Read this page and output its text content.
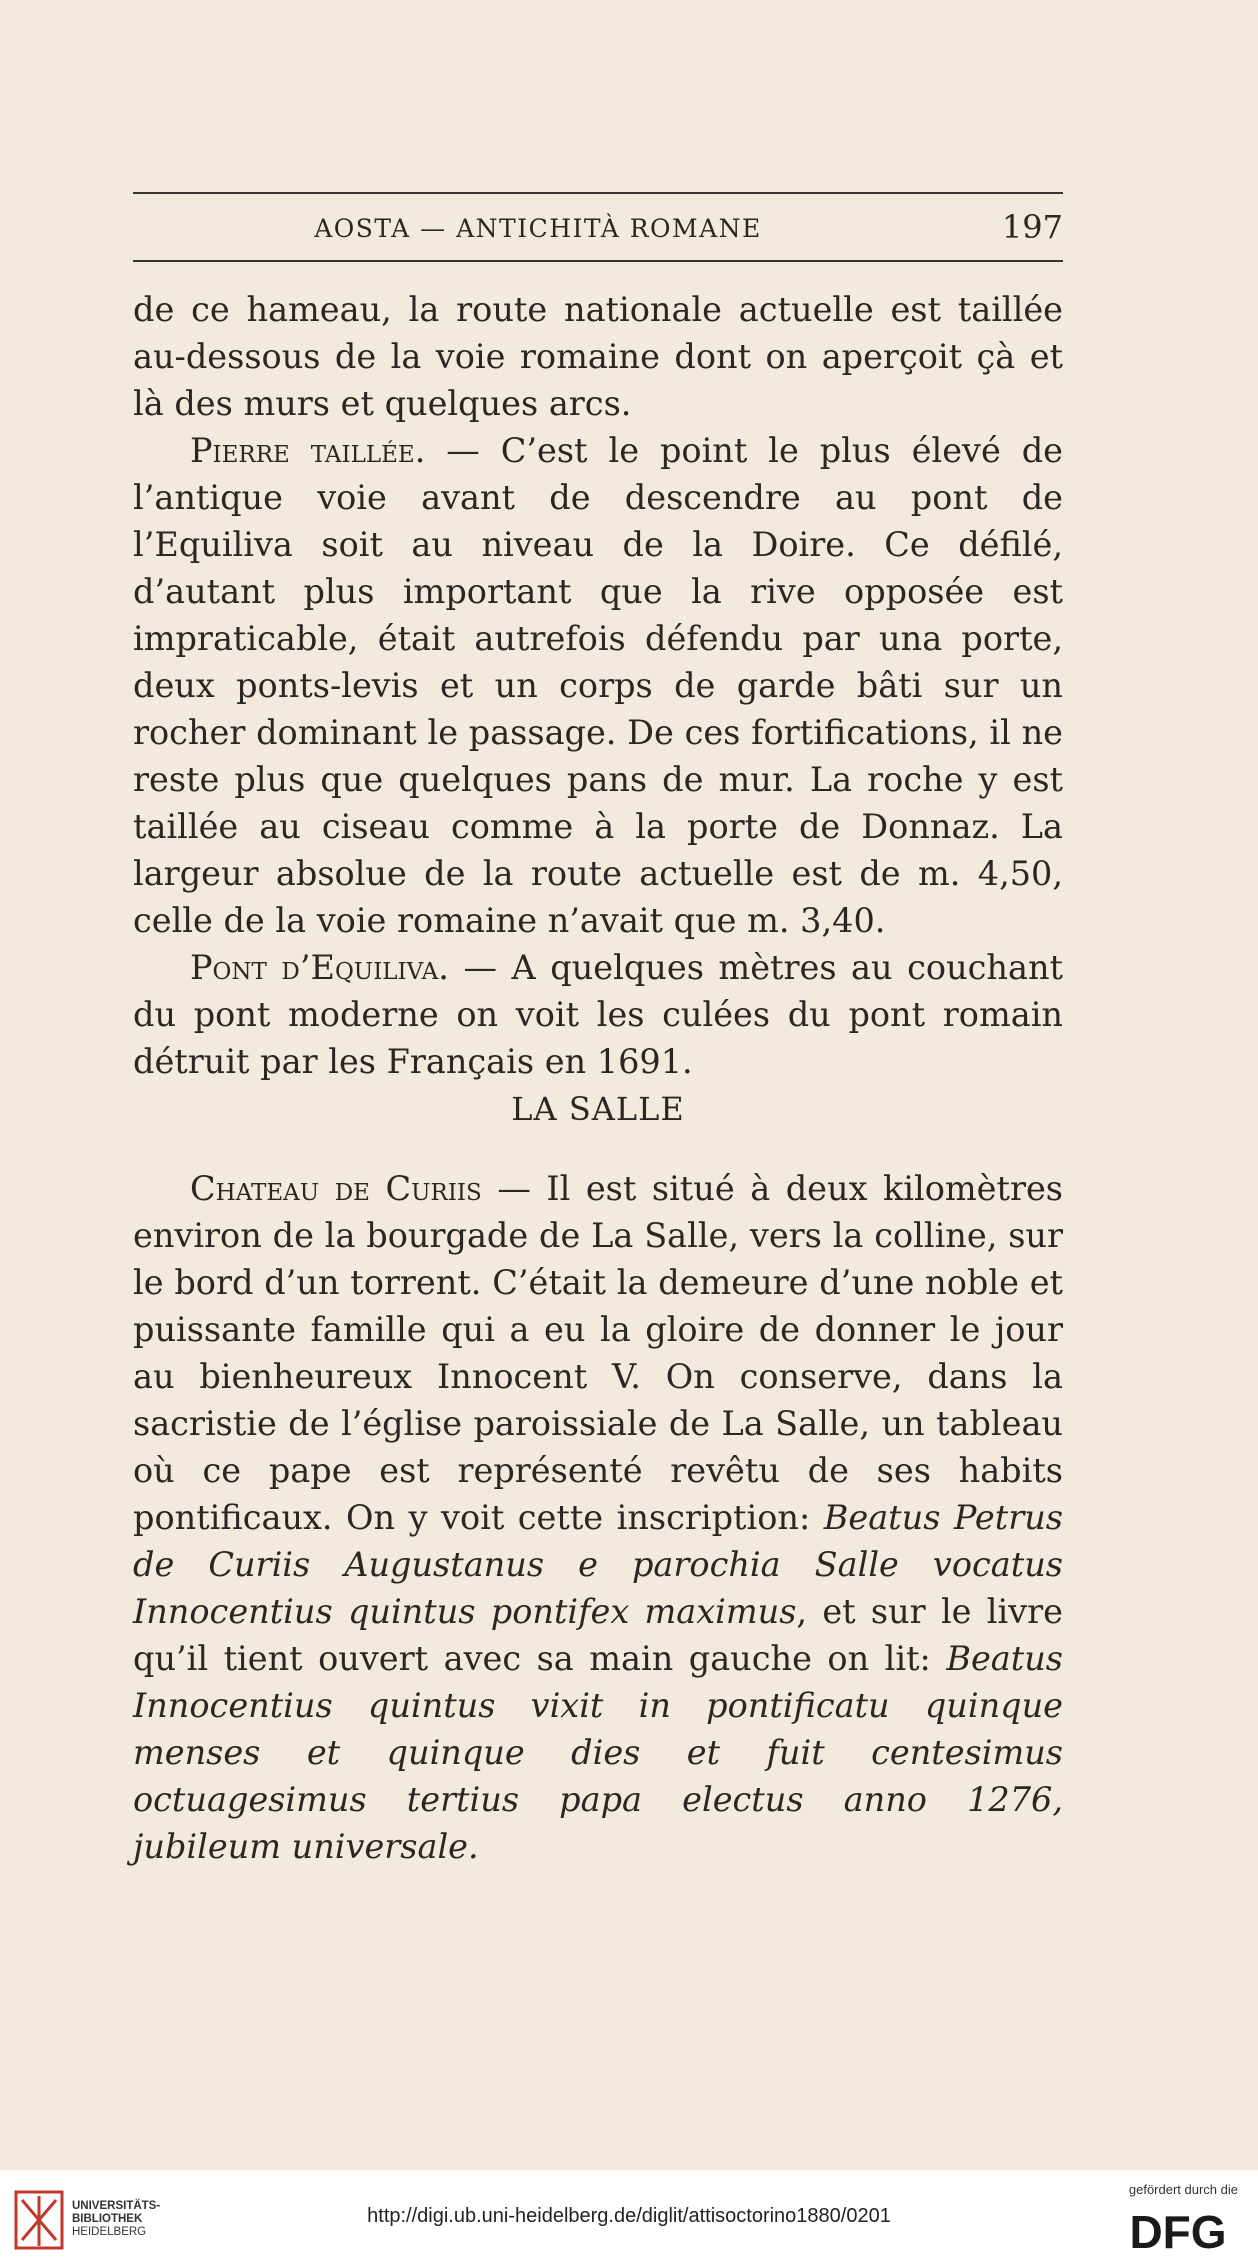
AOSTA — ANTICHITÀ ROMANE	197

de ce hameau, la route nationale actuelle est taillée au-dessous de la voie romaine dont on aperçoit çà et là des murs et quelques arcs.

Pierre taillée. — C’est le point le plus élevé de l’antique voie avant de descendre au pont de l’Equiliva soit au niveau de la Doire. Ce défilé, d’autant plus important que la rive opposée est impraticable, était autrefois défendu par una porte, deux ponts-levis et un corps de garde bâti sur un rocher dominant le passage. De ces fortifications, il ne reste plus que quelques pans de mur. La roche y est taillée au ciseau comme à la porte de Donnaz. La largeur absolue de la route actuelle est de m. 4,50, celle de la voie romaine n’avait que m. 3,40.

Pont d’Equiliva. — A quelques mètres au couchant du pont moderne on voit les culées du pont romain détruit par les Français en 1691.

LA SALLE

Chateau de Curiis — Il est situé à deux kilomètres environ de la bourgade de La Salle, vers la colline, sur le bord d’un torrent. C’était la demeure d’une noble et puissante famille qui a eu la gloire de donner le jour au bienheureux Innocent V. On conserve, dans la sacristie de l’église paroissiale de La Salle, un tableau où ce pape est représenté revêtu de ses habits pontificaux. On y voit cette inscription: Beatus Petrus de Curiis Augustanus e parochia Salle vocatus Innocentius quintus pontifex maximus, et sur le livre qu’il tient ouvert avec sa main gauche on lit: Beatus Innocentius quintus vixit in pontificatu quinque menses et quinque dies et fuit centesimus octuagesimus tertius papa electus anno 1276, jubileum universale.

UNIVERSITÄTS-
BIBLIOTHEK
HEIDELBERG
http://digi.ub.uni-heidelberg.de/diglit/attisoctorino1880/0201
gefördert durch die
DFG
